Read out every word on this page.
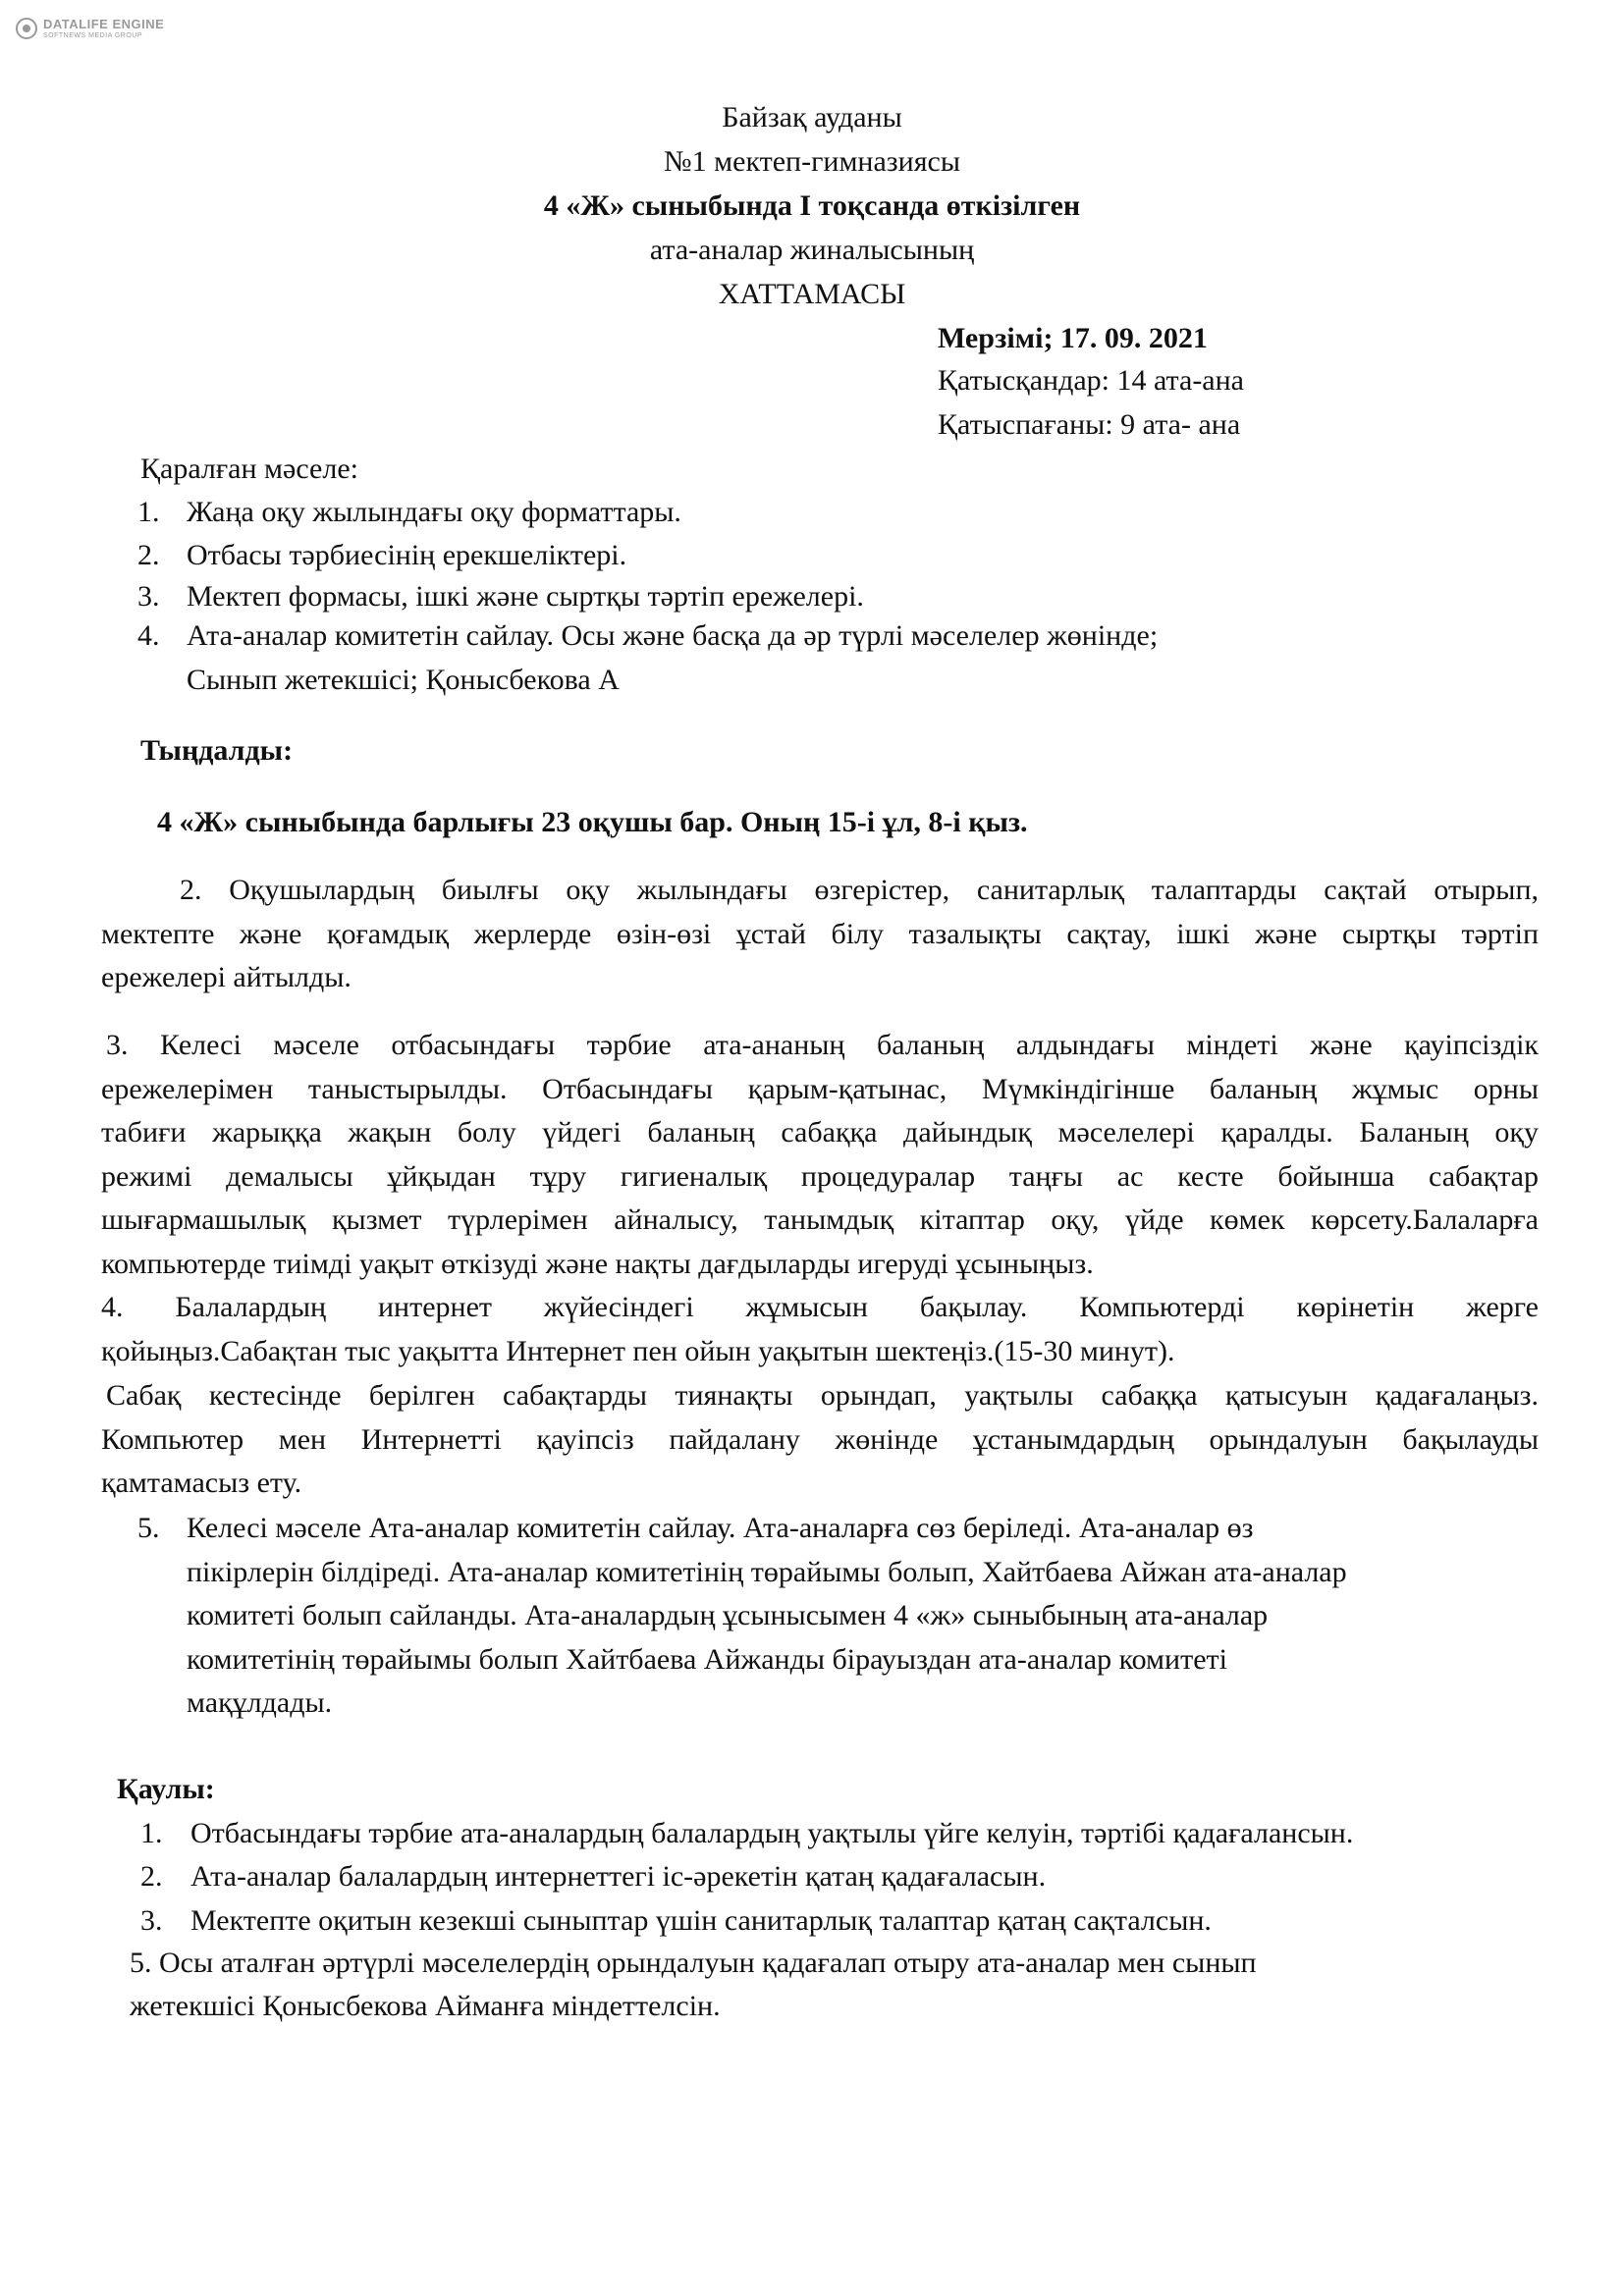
DATALIFE ENGINE
SOFTNEWS MEDIA GROUP
Байзақ ауданы
№1 мектеп-гимназиясы
4 «Ж» сыныбында I тоқсанда өткізілген
ата-аналар жиналысының
ХАТТАМАСЫ
Мерзімі; 17. 09. 2021
Қатысқандар: 14 ата-ана
Қатыспағаны: 9 ата- ана
Қаралған мәселе:
1. Жаңа оқу жылындағы оқу форматтары.
2. Отбасы тәрбиесінің ерекшеліктері.
3. Мектеп формасы, ішкі және сыртқы тәртіп ережелері.
4. Ата-аналар комитетін сайлау. Осы және басқа да әр түрлі мәселелер жөнінде;
Сынып жетекшісі; Қонысбекова А
Тыңдалды:
4 «Ж» сыныбында барлығы 23 оқушы бар. Оның 15-і ұл, 8-і қыз.
2. Оқушылардың биылғы оқу жылындағы өзгерістер, санитарлық талаптарды сақтай отырып,
мектепте және қоғамдық жерлерде өзін-өзі ұстай білу тазалықты сақтау, ішкі және сыртқы тәртіп
ережелері айтылды.
3. Келесі мәселе отбасындағы тәрбие ата-ананың баланың алдындағы міндеті және қауіпсіздік
ережелерімен таныстырылды. Отбасындағы қарым-қатынас, Мүмкіндігінше баланың жұмыс орны
табиғи жарыққа жақын болу үйдегі баланың сабаққа дайындық мәселелері қаралды. Баланың оқу
режимі демалысы ұйқыдан тұру гигиеналық процедуралар таңғы ас кесте бойынша сабақтар
шығармашылық қызмет түрлерімен айналысу, танымдық кітаптар оқу, үйде көмек көрсету.Балаларға
компьютерде тиімді уақыт өткізуді және нақты дағдыларды игеруді ұсыныңыз.
4. Балалардың интернет жүйесіндегі жұмысын бақылау. Компьютерді көрінетін жерге
қойыңыз.Сабақтан тыс уақытта Интернет пен ойын уақытын шектеңіз.(15-30 минут).
Сабақ кестесінде берілген сабақтарды тиянақты орындап, уақтылы сабаққа қатысуын қадағалаңыз.
Компьютер мен Интернетті қауіпсіз пайдалану жөнінде ұстанымдардың орындалуын бақылауды
қамтамасыз ету.
5. Келесі мәселе Ата-аналар комитетін сайлау. Ата-аналарға сөз беріледі. Ата-аналар өз
пікірлерін білдіреді. Ата-аналар комитетінің төрайымы болып, Хайтбаева Айжан ата-аналар
комитеті болып сайланды. Ата-аналардың ұсынысымен 4 «ж» сыныбының ата-аналар
комитетінің төрайымы болып Хайтбаева Айжанды бірауыздан ата-аналар комитеті
мақұлдады.
Қаулы:
1. Отбасындағы тәрбие ата-аналардың балалардың уақтылы үйге келуін, тәртібі қадағалансын.
2. Ата-аналар балалардың интернеттегі іс-әрекетін қатаң қадағаласын.
3. Мектепте оқитын кезекші сыныптар үшін санитарлық талаптар қатаң сақталсын.
5. Осы аталған әртүрлі мәселелердің орындалуын қадағалап отыру ата-аналар мен сынып
жетекшісі Қонысбекова Айманға міндеттелсін.
